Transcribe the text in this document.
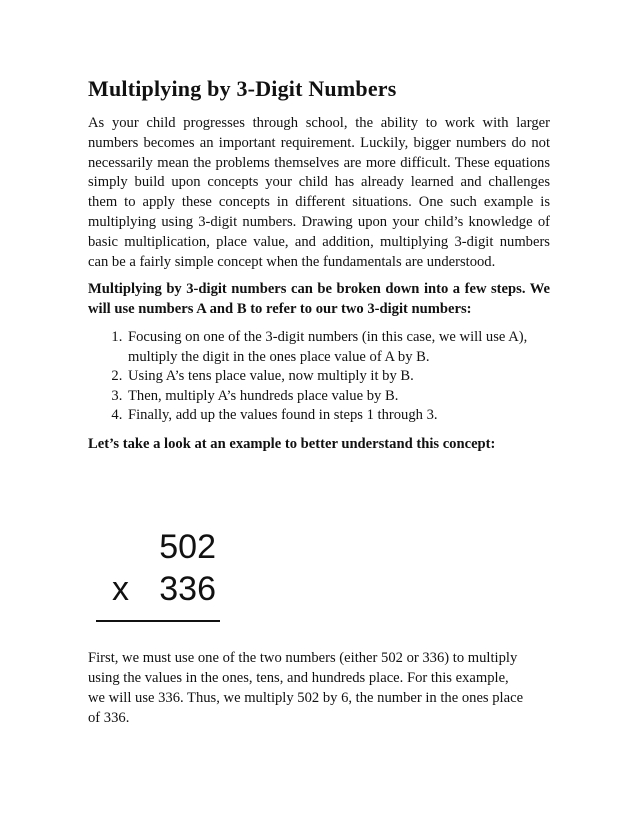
Multiplying by 3-Digit Numbers

As your child progresses through school, the ability to work with larger numbers becomes an important requirement. Luckily, bigger numbers do not necessarily mean the problems themselves are more difficult. These equations simply build upon concepts your child has already learned and challenges them to apply these concepts in different situations. One such example is multiplying using 3-digit numbers. Drawing upon your child’s knowledge of basic multiplication, place value, and addition, multiplying 3-digit numbers can be a fairly simple concept when the fundamentals are understood.

Multiplying by 3-digit numbers can be broken down into a few steps. We will use numbers A and B to refer to our two 3-digit numbers:

1. Focusing on one of the 3-digit numbers (in this case, we will use A), multiply the digit in the ones place value of A by B.
2. Using A’s tens place value, now multiply it by B.
3. Then, multiply A’s hundreds place value by B.
4. Finally, add up the values found in steps 1 through 3.

Let’s take a look at an example to better understand this concept:

502
x 336

First, we must use one of the two numbers (either 502 or 336) to multiply using the values in the ones, tens, and hundreds place. For this example, we will use 336. Thus, we multiply 502 by 6, the number in the ones place of 336.
